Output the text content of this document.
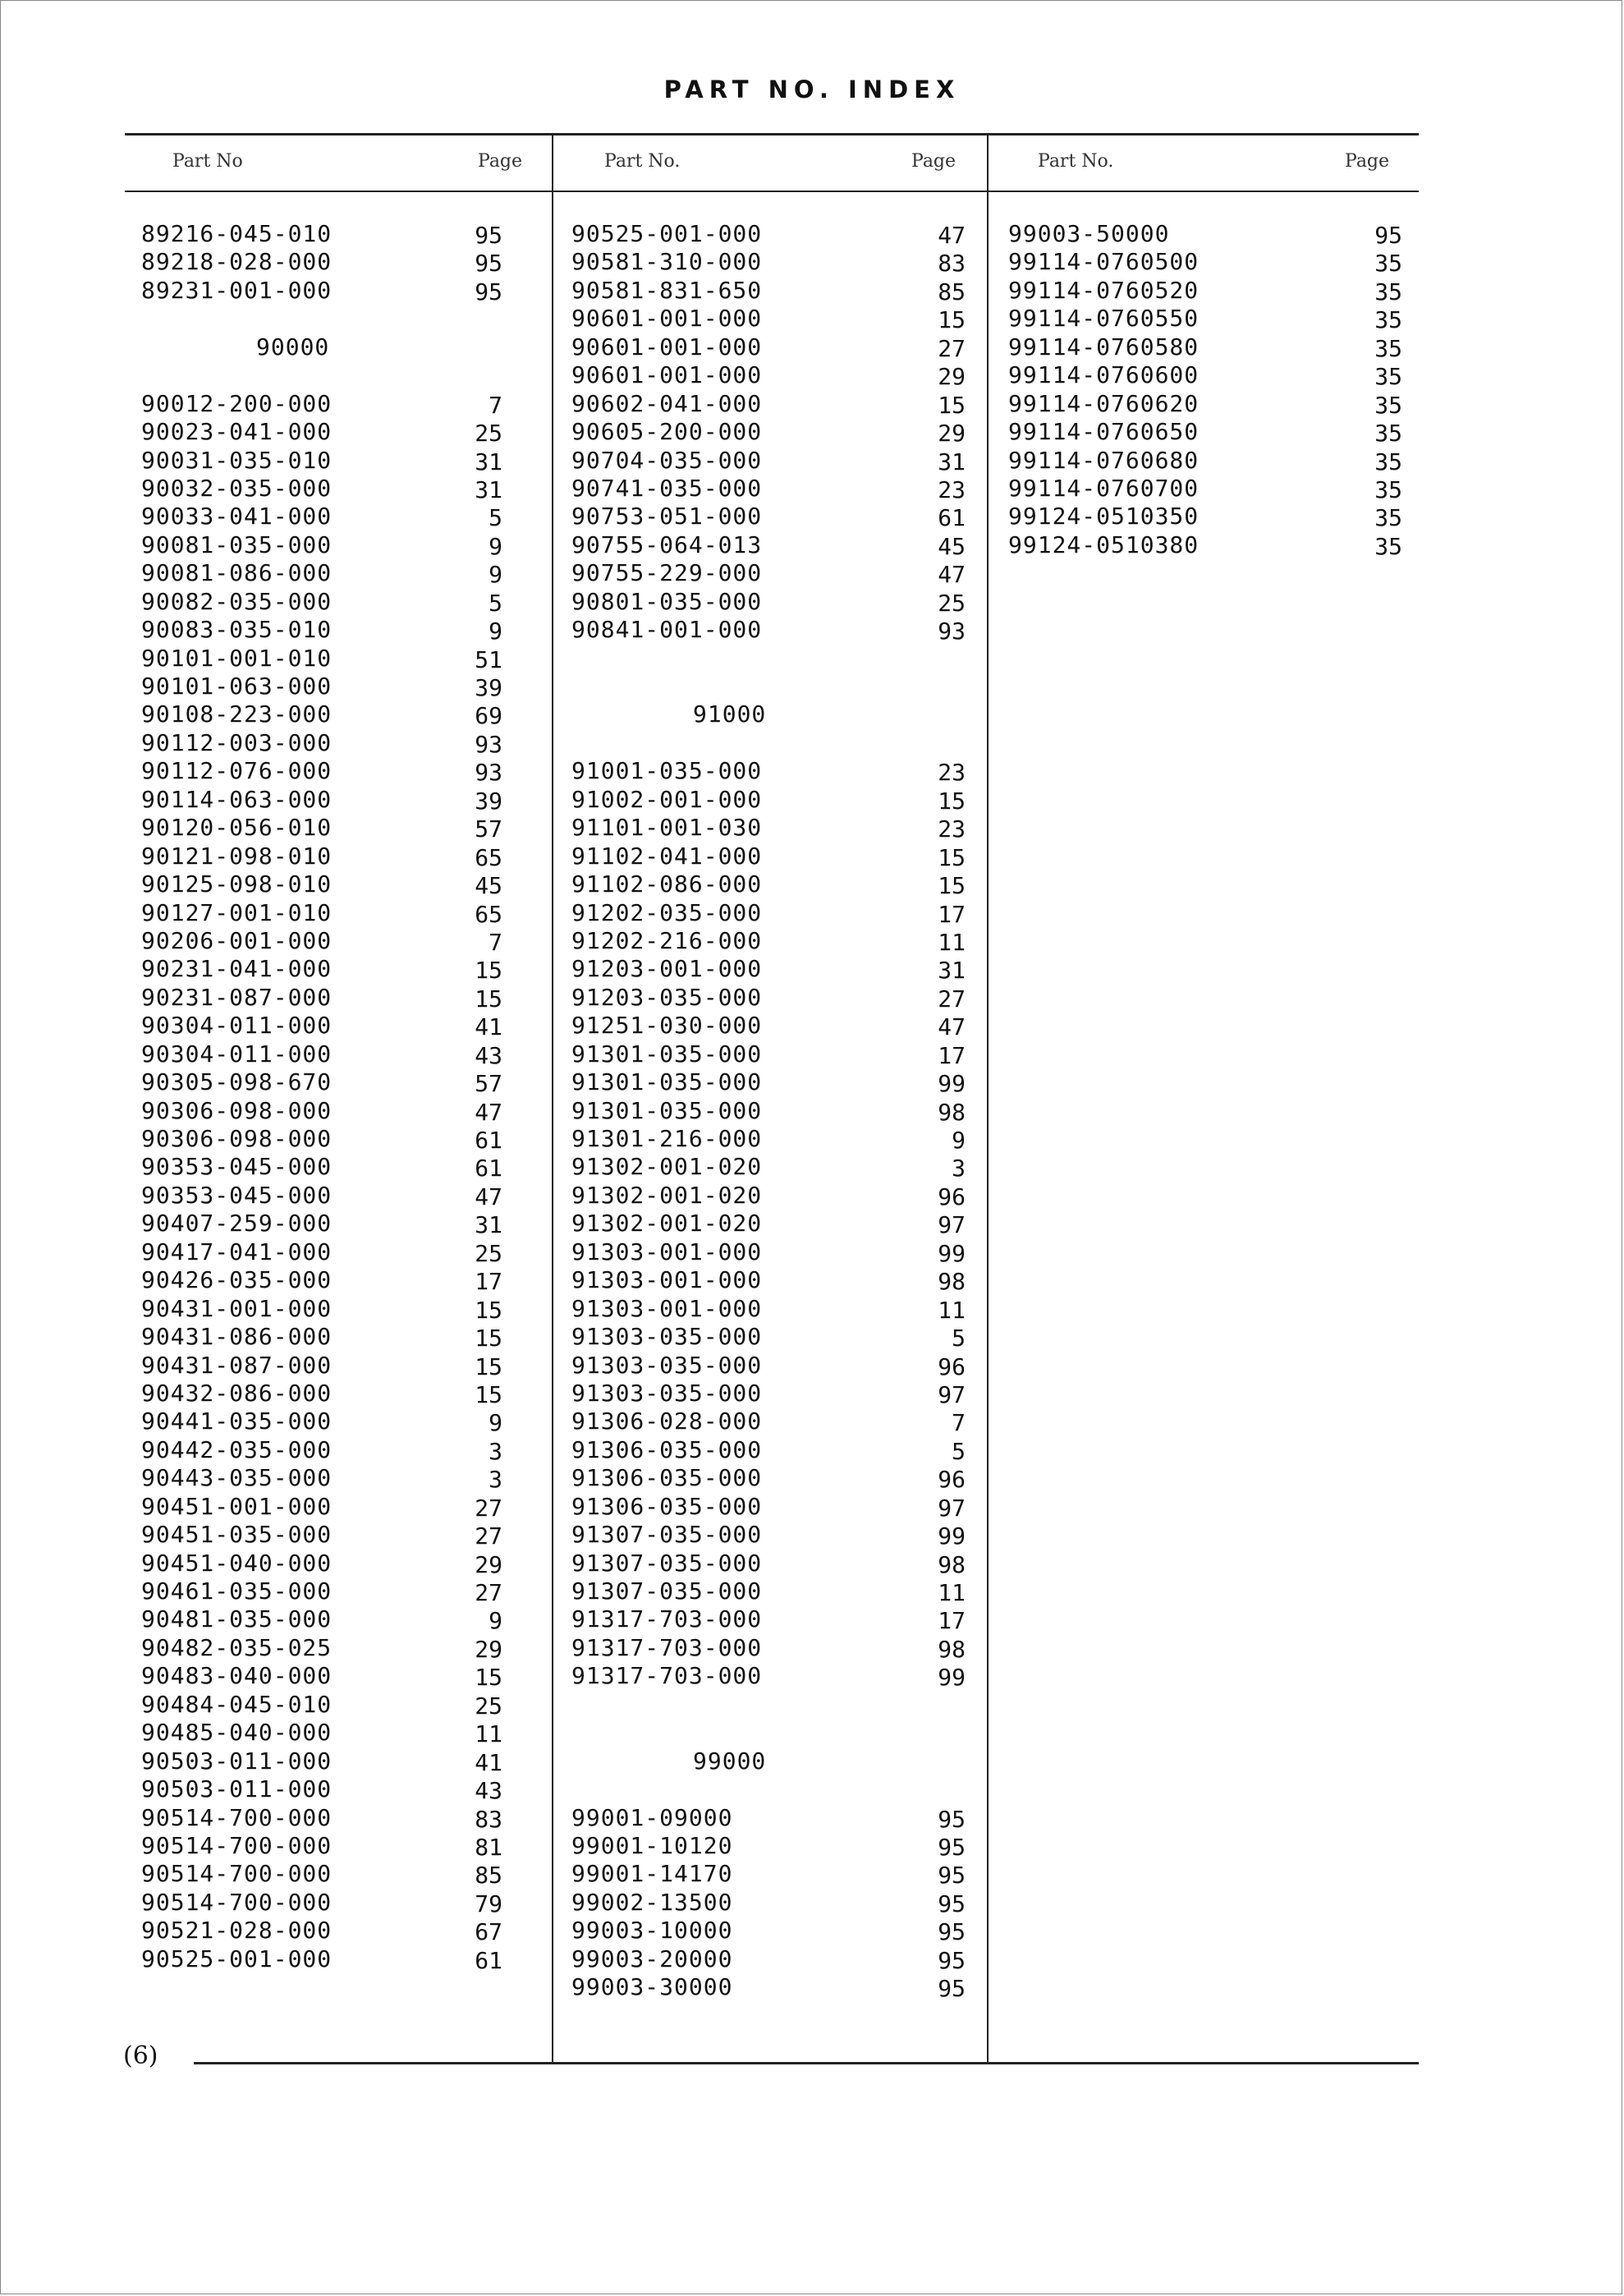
PART NO. INDEX
(6)
Part No	Page	Part No.	Page	Part No.	Page
89216-045-010	95
89218-028-000	95
89231-001-000	95
90000
90012-200-000	7
90023-041-000	25
90031-035-010	31
90032-035-000	31
90033-041-000	5
90081-035-000	9
90081-086-000	9
90082-035-000	5
90083-035-010	9
90101-001-010	51
90101-063-000	39
90108-223-000	69
90112-003-000	93
90112-076-000	93
90114-063-000	39
90120-056-010	57
90121-098-010	65
90125-098-010	45
90127-001-010	65
90206-001-000	7
90231-041-000	15
90231-087-000	15
90304-011-000	41
90304-011-000	43
90305-098-670	57
90306-098-000	47
90306-098-000	61
90353-045-000	61
90353-045-000	47
90407-259-000	31
90417-041-000	25
90426-035-000	17
90431-001-000	15
90431-086-000	15
90431-087-000	15
90432-086-000	15
90441-035-000	9
90442-035-000	3
90443-035-000	3
90451-001-000	27
90451-035-000	27
90451-040-000	29
90461-035-000	27
90481-035-000	9
90482-035-025	29
90483-040-000	15
90484-045-010	25
90485-040-000	11
90503-011-000	41
90503-011-000	43
90514-700-000	83
90514-700-000	81
90514-700-000	85
90514-700-000	79
90521-028-000	67
90525-001-000	61
90525-001-000	47
90581-310-000	83
90581-831-650	85
90601-001-000	15
90601-001-000	27
90601-001-000	29
90602-041-000	15
90605-200-000	29
90704-035-000	31
90741-035-000	23
90753-051-000	61
90755-064-013	45
90755-229-000	47
90801-035-000	25
90841-001-000	93
91000
91001-035-000	23
91002-001-000	15
91101-001-030	23
91102-041-000	15
91102-086-000	15
91202-035-000	17
91202-216-000	11
91203-001-000	31
91203-035-000	27
91251-030-000	47
91301-035-000	17
91301-035-000	99
91301-035-000	98
91301-216-000	9
91302-001-020	3
91302-001-020	96
91302-001-020	97
91303-001-000	99
91303-001-000	98
91303-001-000	11
91303-035-000	5
91303-035-000	96
91303-035-000	97
91306-028-000	7
91306-035-000	5
91306-035-000	96
91306-035-000	97
91307-035-000	99
91307-035-000	98
91307-035-000	11
91317-703-000	17
91317-703-000	98
91317-703-000	99
99000
99001-09000	95
99001-10120	95
99001-14170	95
99002-13500	95
99003-10000	95
99003-20000	95
99003-30000	95
99003-50000	95
99114-0760500	35
99114-0760520	35
99114-0760550	35
99114-0760580	35
99114-0760600	35
99114-0760620	35
99114-0760650	35
99114-0760680	35
99114-0760700	35
99124-0510350	35
99124-0510380	35
